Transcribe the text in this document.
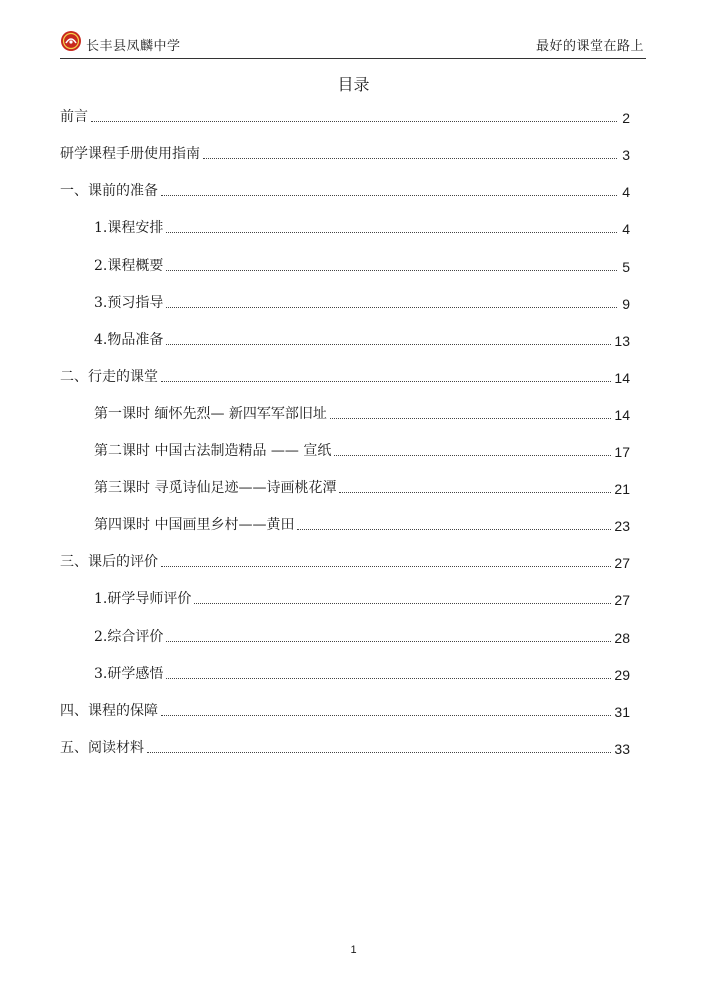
长丰县凤麟中学	最好的课堂在路上
目录
前言	2
研学课程手册使用指南	3
一、课前的准备	4
1.课程安排	4
2.课程概要	5
3.预习指导	9
4.物品准备	13
二、行走的课堂	14
第一课时 缅怀先烈— 新四军军部旧址	14
第二课时 中国古法制造精品 —— 宣纸	17
第三课时 寻觅诗仙足迹——诗画桃花潭	21
第四课时 中国画里乡村——黄田	23
三、课后的评价	27
1.研学导师评价	27
2.综合评价	28
3.研学感悟	29
四、课程的保障	31
五、阅读材料	33
1
